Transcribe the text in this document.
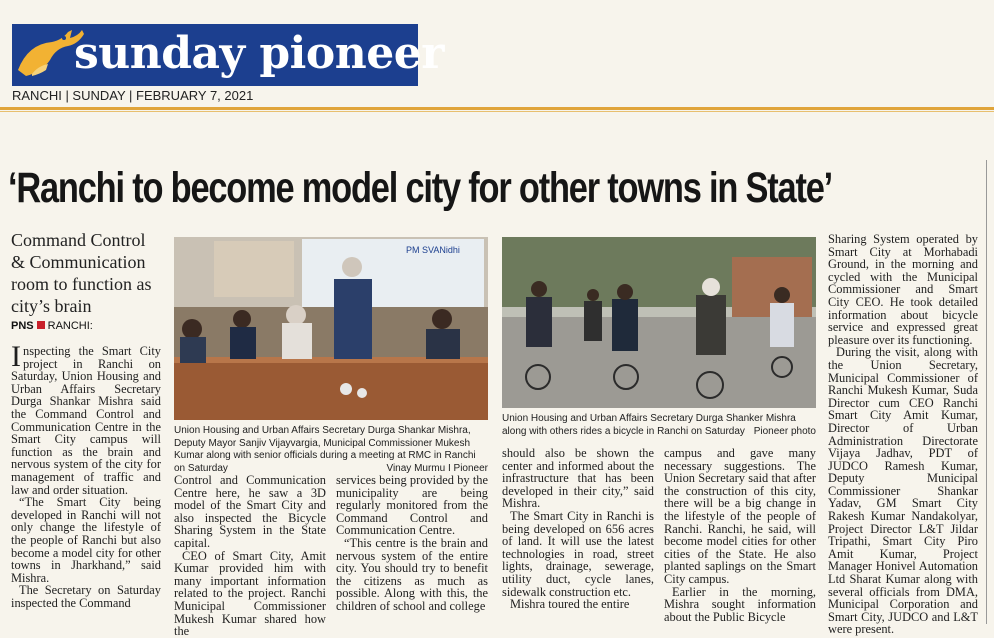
sunday pioneer
RANCHI | SUNDAY | FEBRUARY 7, 2021
‘Ranchi to become model city for other towns in State’
Command Control & Communication room to function as city’s brain
PNS RANCHI:

Inspecting the Smart City project in Ranchi on Saturday, Union Housing and Urban Affairs Secretary Durga Shankar Mishra said the Command Control and Communication Centre in the Smart City campus will function as the brain and nervous system of the city for management of traffic and law and order situation.

“The Smart City being developed in Ranchi will not only change the lifestyle of the people of Ranchi but also become a model city for other towns in Jharkhand,” said Mishra.

The Secretary on Saturday inspected the Command

PM SVANidhi
Union Housing and Urban Affairs Secretary Durga Shankar Mishra, Deputy Mayor Sanjiv Vijayvargia, Municipal Commissioner Mukesh Kumar along with senior officials during a meeting at RMC in Ranchi on Saturday	Vinay Murmu I Pioneer
Union Housing and Urban Affairs Secretary Durga Shanker Mishra along with others rides a bicycle in Ranchi on Saturday Pioneer photo

Control and Communication Centre here, he saw a 3D model of the Smart City and also inspected the Bicycle Sharing System in the State capital.

CEO of Smart City, Amit Kumar provided him with many important information related to the project. Ranchi Municipal Commissioner Mukesh Kumar shared how the

services being provided by the municipality are being regularly monitored from the Command Control and Communication Centre.

“This centre is the brain and nervous system of the entire city. You should try to benefit the citizens as much as possible. Along with this, the children of school and college

should also be shown the center and informed about the infrastructure that has been developed in their city,” said Mishra.

The Smart City in Ranchi is being developed on 656 acres of land. It will use the latest technologies in road, street lights, drainage, sewerage, utility duct, cycle lanes, sidewalk construction etc.

Mishra toured the entire

campus and gave many necessary suggestions. The Union Secretary said that after the construction of this city, there will be a big change in the lifestyle of the people of Ranchi. Ranchi, he said, will become model cities for other cities of the State. He also planted saplings on the Smart City campus.

Earlier in the morning, Mishra sought information about the Public Bicycle

Sharing System operated by Smart City at Morhabadi Ground, in the morning and cycled with the Municipal Commissioner and Smart City CEO. He took detailed information about bicycle service and expressed great pleasure over its functioning.

During the visit, along with the Union Secretary, Municipal Commissioner of Ranchi Mukesh Kumar, Suda Director cum CEO Ranchi Smart City Amit Kumar, Director of Urban Administration Directorate Vijaya Jadhav, PDT of JUDCO Ramesh Kumar, Deputy Municipal Commissioner Shankar Yadav, GM Smart City Rakesh Kumar Nandakolyar, Project Director L&T Jildar Tripathi, Smart City Piro Amit Kumar, Project Manager Honivel Automation Ltd Sharat Kumar along with several officials from DMA, Municipal Corporation and Smart City, JUDCO and L&T were present.
